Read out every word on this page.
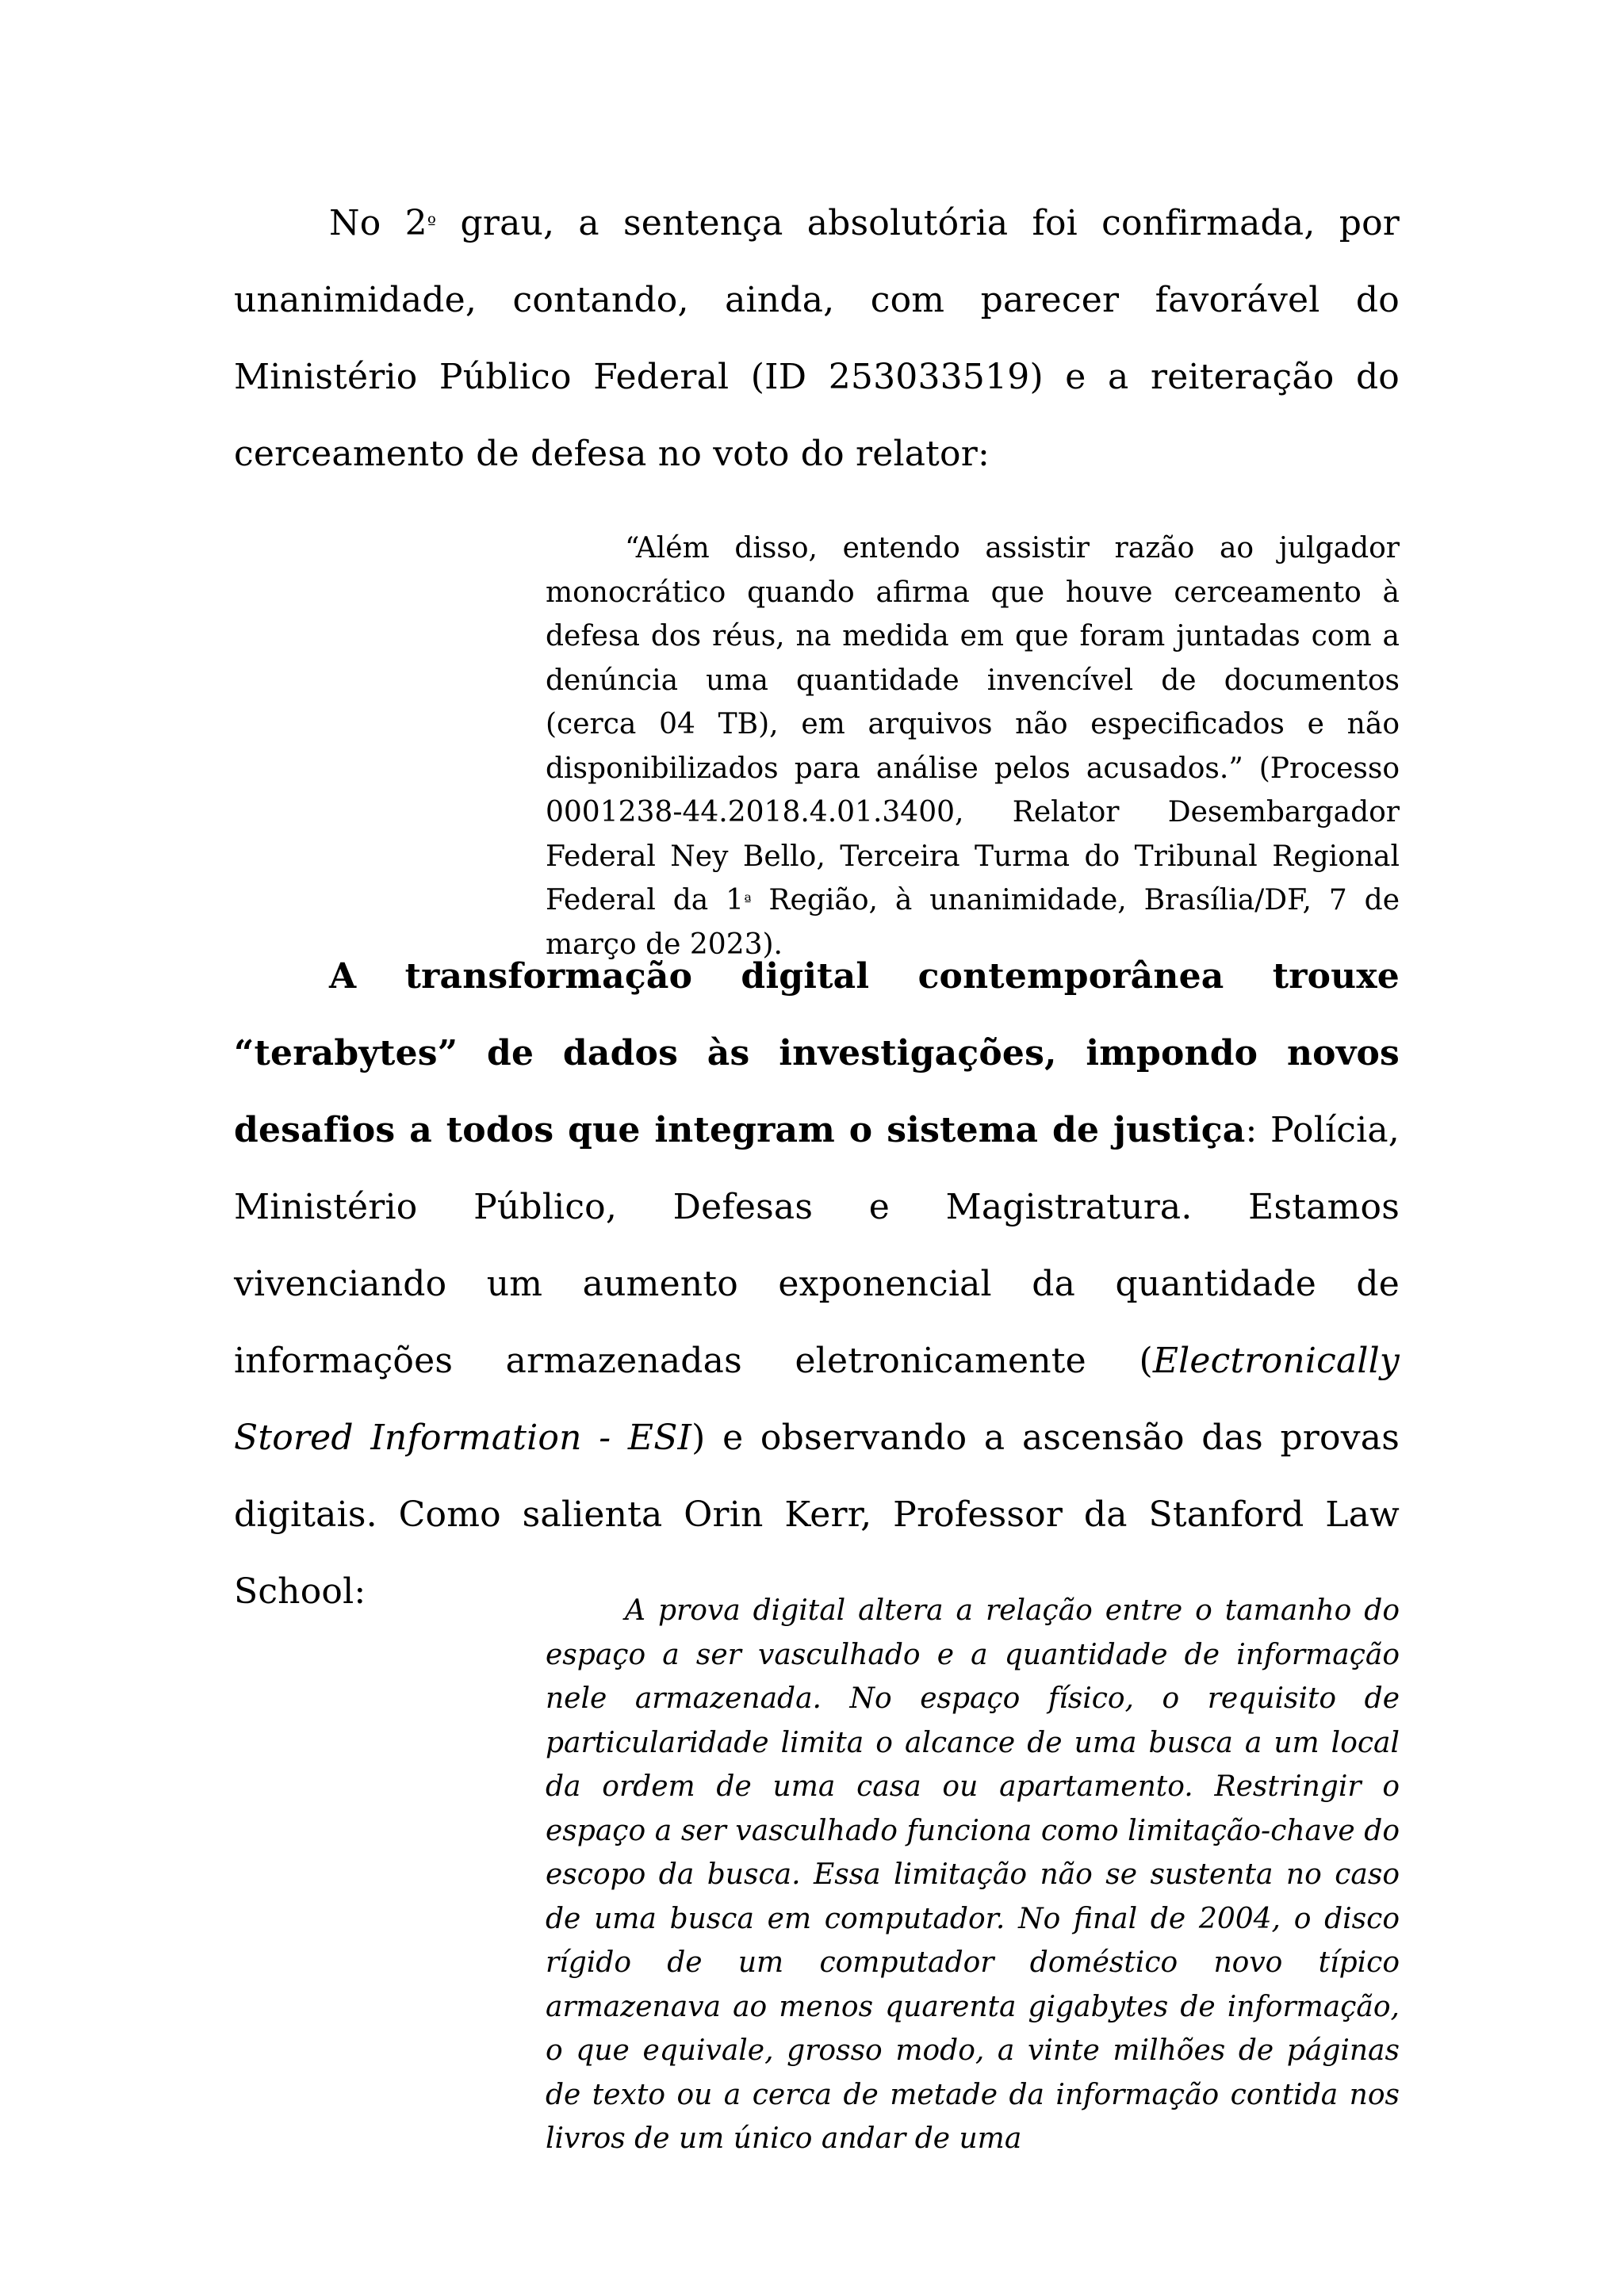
No $2^º$ grau, a sentença absolutória foi confirmada, por unanimidade, contando, ainda, com parecer favorável do Ministério Público Federal (ID 253033519) e a reiteração do cerceamento de defesa no voto do relator:

“Além disso, entendo assistir razão ao julgador monocrático quando afirma que houve cerceamento à defesa dos réus, na medida em que foram juntadas com a denúncia uma quantidade invencível de documentos (cerca 04 TB), em arquivos não especificados e não disponibilizados para análise pelos acusados.” (Processo 0001238-44.2018.4.01.3400, Relator Desembargador Federal Ney Bello, Terceira Turma do Tribunal Regional Federal da $1^ª$ Região, à unanimidade, Brasília/DF, 7 de março de 2023).

A transformação digital contemporânea trouxe “terabytes” de dados às investigações, impondo novos desafios a todos que integram o sistema de justiça: Polícia, Ministério Público, Defesas e Magistratura. Estamos vivenciando um aumento exponencial da quantidade de informações armazenadas eletronicamente (Electronically Stored Information - ESI) e observando a ascensão das provas digitais. Como salienta Orin Kerr, Professor da Stanford Law School:	A prova digital altera a relação entre o tamanho do espaço a ser vasculhado e a quantidade de informação nele armazenada. No espaço físico, o requisito de particularidade limita o alcance de uma busca a um local da ordem de uma casa ou apartamento. Restringir o espaço a ser vasculhado funciona como limitação-chave do escopo da busca. Essa limitação não se sustenta no caso de uma busca em computador. No final de 2004, o disco rígido de um computador doméstico novo típico armazenava ao menos quarenta gigabytes de informação, o que equivale, grosso modo, a vinte milhões de páginas de texto ou a cerca de metade da informação contida nos livros de um único andar de uma
